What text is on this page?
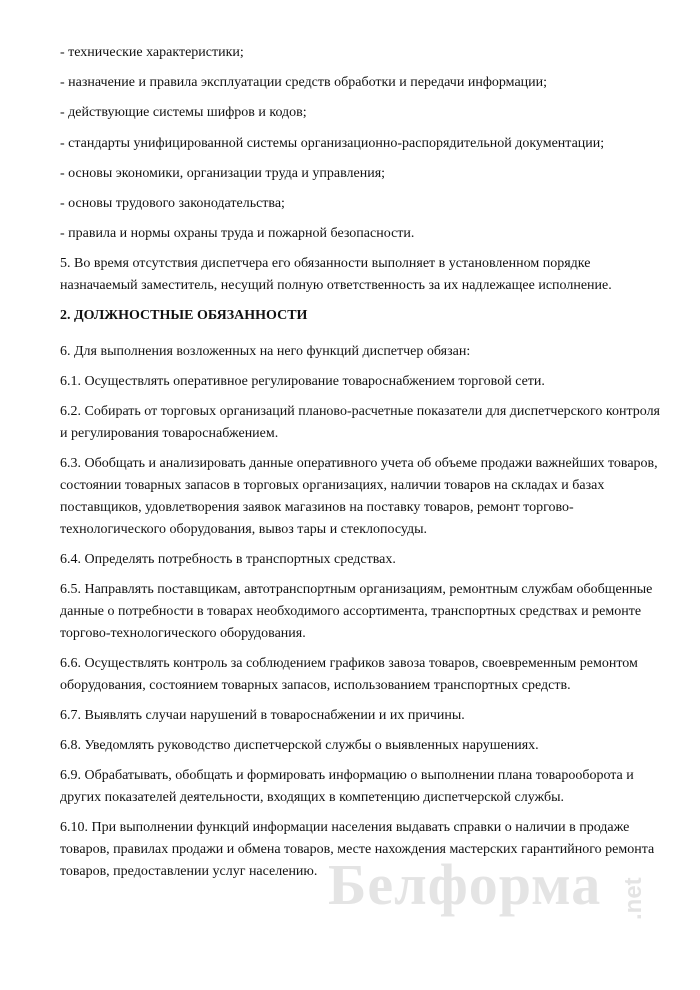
- технические характеристики;
- назначение и правила эксплуатации средств обработки и передачи информации;
- действующие системы шифров и кодов;
- стандарты унифицированной системы организационно-распорядительной документации;
- основы экономики, организации труда и управления;
- основы трудового законодательства;
- правила и нормы охраны труда и пожарной безопасности.
5. Во время отсутствия диспетчера его обязанности выполняет в установленном порядке
назначаемый заместитель, несущий полную ответственность за их надлежащее исполнение.
2. ДОЛЖНОСТНЫЕ ОБЯЗАННОСТИ
6. Для выполнения возложенных на него функций диспетчер обязан:
6.1. Осуществлять оперативное регулирование товароснабжением торговой сети.
6.2. Собирать от торговых организаций планово-расчетные показатели для диспетчерского контроля
и регулирования товароснабжением.
6.3. Обобщать и анализировать данные оперативного учета об объеме продажи важнейших товаров,
состоянии товарных запасов в торговых организациях, наличии товаров на складах и базах
поставщиков, удовлетворения заявок магазинов на поставку товаров, ремонт торгово-
технологического оборудования, вывоз тары и стеклопосуды.
6.4. Определять потребность в транспортных средствах.
6.5. Направлять поставщикам, автотранспортным организациям, ремонтным службам обобщенные
данные о потребности в товарах необходимого ассортимента, транспортных средствах и ремонте
торгово-технологического оборудования.
6.6. Осуществлять контроль за соблюдением графиков завоза товаров, своевременным ремонтом
оборудования, состоянием товарных запасов, использованием транспортных средств.
6.7. Выявлять случаи нарушений в товароснабжении и их причины.
6.8. Уведомлять руководство диспетчерской службы о выявленных нарушениях.
6.9. Обрабатывать, обобщать и формировать информацию о выполнении плана товарооборота и
других показателей деятельности, входящих в компетенцию диспетчерской службы.
6.10. При выполнении функций информации населения выдавать справки о наличии в продаже
товаров, правилах продажи и обмена товаров, месте нахождения мастерских гарантийного ремонта
товаров, предоставлении услуг населению. Белформа .net
